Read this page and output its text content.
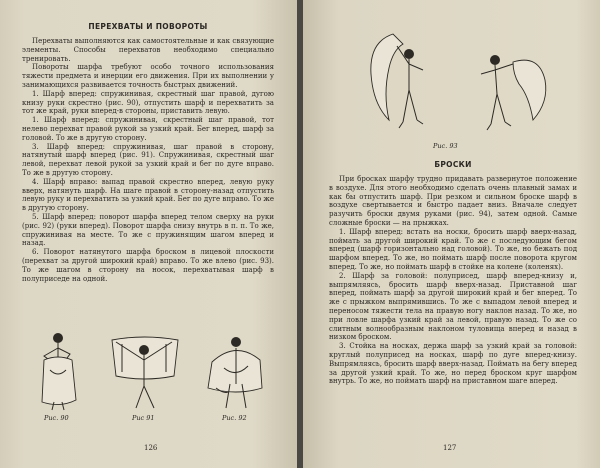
ПЕРЕХВАТЫ И ПОВОРОТЫ

Перехваты выполняются как самостоятельные и как связующие элементы. Способы перехватов необходимо специально тренировать.

Повороты шарфа требуют особо точного использования тяжести предмета и инерции его движения. При их выполнении у занимающихся развивается точность быстрых движений.

1. Шарф вперед: спружинивая, скрестный шаг правой, дугою книзу руки скрестно (рис. 90), отпустить шарф и перехватить за тот же край, руки вперед-в стороны, приставить левую.

1. Шарф вперед: спружинивая, скрестный шаг правой, тот нелево перехват правой рукой за узкий край. Бег вперед, шарф за головой. То же в другую сторону.

3. Шарф вперед: спружинивая, шаг правой в сторону, натянутый шарф вперед (рис. 91). Спружинивая, скрестный шаг левой, перехват левой рукой за узкий край и бег по дуге вправо. То же в другую сторону.

4. Шарф вправо: выпад правой скрестно вперед, левую руку вверх, натянуть шарф. На шаге правой в сторону-назад отпустить левую руку и перехватить за узкий край. Бег по дуге вправо. То же в другую сторону.

5. Шарф вперед: поворот шарфа вперед телом сверху на руки (рис. 92) (руки вперед). Поворот шарфа снизу внутрь в п. п. То же, спружинивая на месте. То же с пружинящим шагом вперед и назад.

6. Поворот натянутого шарфа броском в лицевой плоскости (перехват за другой широкий край) вправо. То же влево (рис. 93). То же шагом в сторону на носок, перехватывая шарф в полуприседе на одной.

Рис. 90	Рис 91	Рис. 92
126
Рис. 93
БРОСКИ

При бросках шарфу трудно придавать развернутое положение в воздухе. Для этого необходимо сделать очень плавный замах и как бы отпустить шарф. При резком и сильном броске шарф в воздухе свертывается и быстро падает вниз. Вначале следует разучить броски двумя руками (рис. 94), затем одной. Самые сложные броски — на прыжках.

1. Шарф вперед: встать на носки, бросить шарф вверх-назад, поймать за другой широкий край. То же с последующим бегом вперед (шарф горизонтально над головой). То же, но бежать под шарфом вперед. То же, но поймать шарф после поворота кругом вперед. То же, но поймать шарф в стойке на колене (коленях).

2. Шарф за головой: полуприсед, шарф вперед-книзу и, выпрямляясь, бросить шарф вверх-назад. Приставной шаг вперед, поймать шарф за другой широкий край и бег вперед. То же с прыжком выпрямившись. То же с выпадом левой вперед и переносом тяжести тела на правую ногу наклон назад. То же, но при ловле шарфа узкий край за левой, правую назад. То же со слитным волнообразным наклоном туловища вперед и назад в низком броском.

3. Стойка на носках, держа шарф за узкий край за головой: круглый полуприсед на носках, шарф по дуге вперед-книзу. Выпрямляясь, бросить шарф вверх-назад. Поймать на бегу вперед за другой узкий край. То же, но перед броском круг шарфом внутрь. То же, но поймать шарф на приставном шаге вперед.

127
